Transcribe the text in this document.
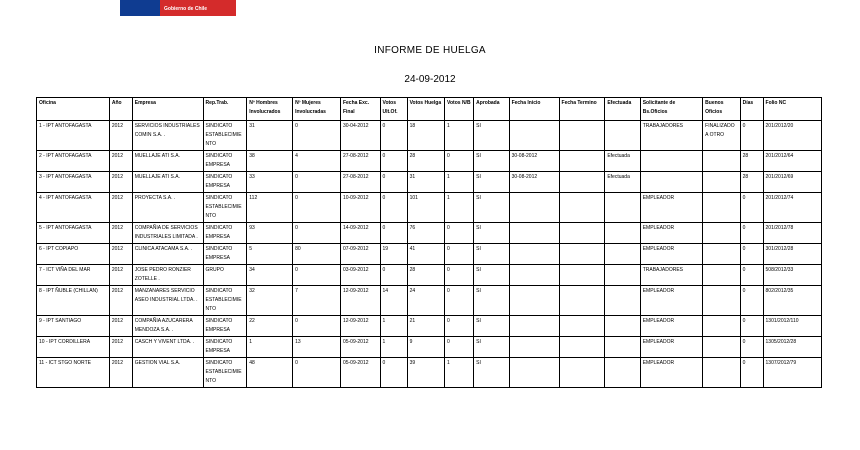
Gobierno de Chile
INFORME DE HUELGA
24-09-2012
Oficina	Año	Empresa	Rep.Trab.	Nº Hombres Involucrados	Nº Mujeres Involucradas	Fecha Exc. Final	Votos Ult.Of.	Votos Huelga	Votos N/B	Aprobada	Fecha Inicio	Fecha Termino	Efectuada	Solicitante de Bs.Oficios	Buenos Oficios	Días	Folio NC
1 - IPT ANTOFAGASTA	2012	SERVICIOS INDUSTRIALES COMIN S.A. .	SINDICATO ESTABLECIMIENTO	31	0	30-04-2012	0	18	1	SI				TRABAJADORES	FINALIZADO A OTRO	0	201/2012/20
2 - IPT ANTOFAGASTA	2012	MUELLAJE ATI S.A.	SINDICATO EMPRESA	38	4	27-08-2012	0	28	0	SI	30-08-2012		Efectuada			28	201/2012/64
3 - IPT ANTOFAGASTA	2012	MUELLAJE ATI S.A.	SINDICATO EMPRESA	33	0	27-08-2012	0	31	1	SI	30-08-2012		Efectuada			28	201/2012/69
4 - IPT ANTOFAGASTA	2012	PROYECTA S.A. .	SINDICATO ESTABLECIMIENTO	112	0	10-09-2012	0	101	1	SI				EMPLEADOR		0	201/2012/74
5 - IPT ANTOFAGASTA	2012	COMPAÑIA DE SERVICIOS INDUSTRIALES LIMITADA .	SINDICATO EMPRESA	93	0	14-09-2012	0	76	0	SI				EMPLEADOR		0	201/2012/78
6 - IPT COPIAPO	2012	CLINICA ATACAMA S.A. .	SINDICATO EMPRESA	5	80	07-09-2012	19	41	0	SI				EMPLEADOR		0	301/2012/28
7 - ICT VIÑA DEL MAR	2012	JOSE PEDRO RONZIER ZOTELLE .	GRUPO	34	0	03-09-2012	0	28	0	SI				TRABAJADORES		0	508/2012/33
8 - IPT ÑUBLE (CHILLAN)	2012	MANZANARES SERVICIO ASEO INDUSTRIAL LTDA. .	SINDICATO ESTABLECIMIENTO	32	7	12-09-2012	14	24	0	SI				EMPLEADOR		0	802/2012/35
9 - IPT SANTIAGO	2012	COMPAÑIA AZUCARERA MENDOZA S.A. .	SINDICATO EMPRESA	22	0	12-09-2012	1	21	0	SI				EMPLEADOR		0	1301/2012/110
10 - IPT CORDILLERA	2012	CASCH Y VIVENT LTDA. .	SINDICATO EMPRESA	1	13	05-09-2012	1	9	0	SI				EMPLEADOR		0	1305/2012/28
11 - ICT STGO NORTE	2012	GESTION VIAL S.A.	SINDICATO ESTABLECIMIENTO	48	0	05-09-2012	0	39	1	SI				EMPLEADOR		0	1307/2012/79
